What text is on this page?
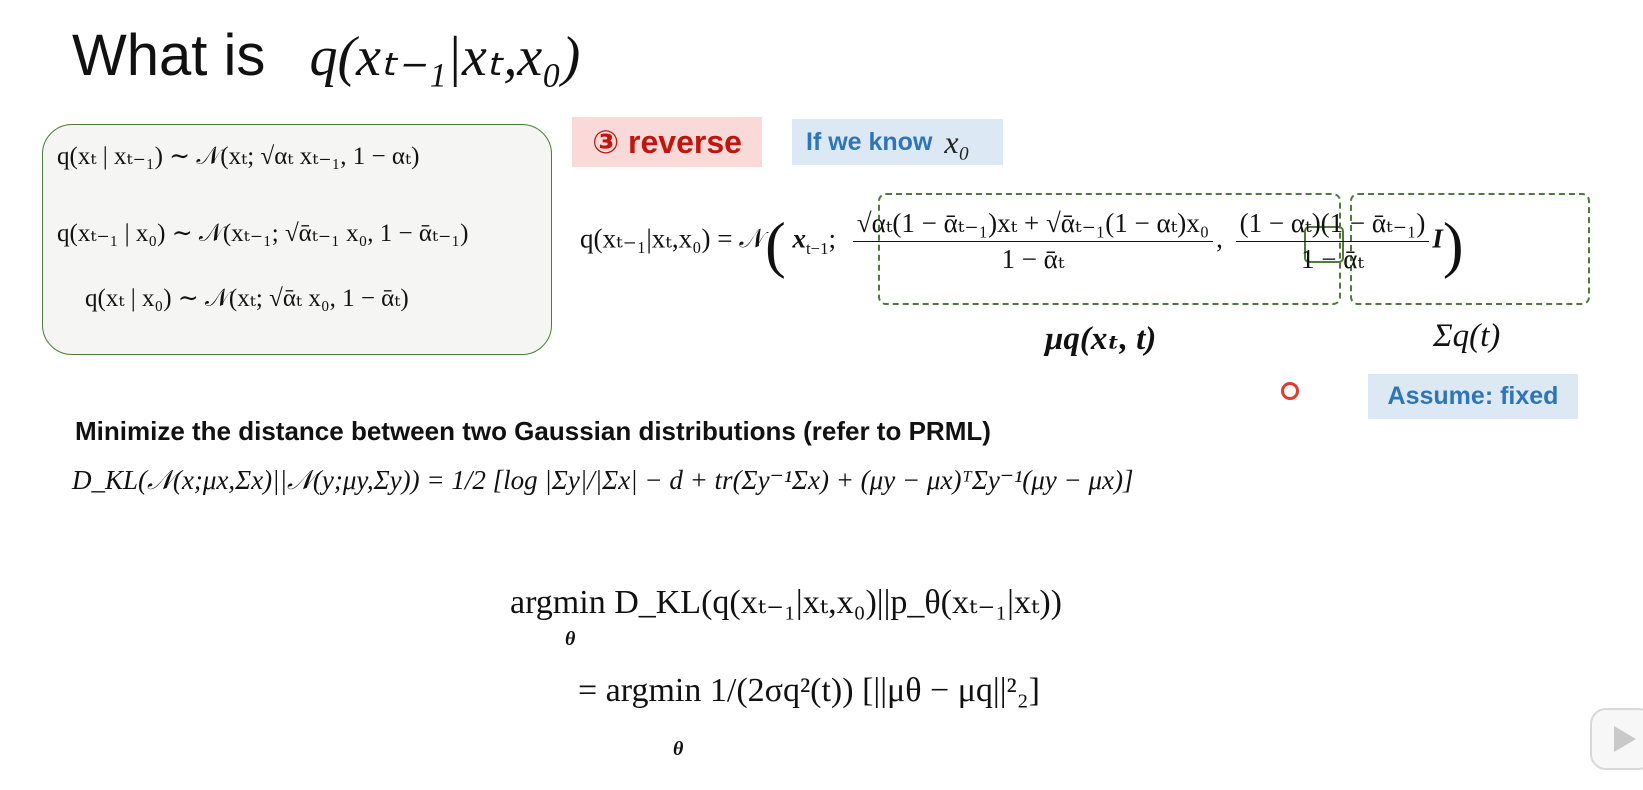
What is q(xₜ₋₁|xₜ,x₀)
q(xₜ | xₜ₋₁) ∼ 𝒩(xₜ; √αₜ xₜ₋₁, 1 − αₜ)
q(xₜ₋₁ | x₀) ∼ 𝒩(xₜ₋₁; √ᾱₜ₋₁ x₀, 1 − ᾱₜ₋₁)
q(xₜ | x₀) ∼ 𝒩(xₜ; √ᾱₜ x₀, 1 − ᾱₜ)
③ reverse	If we know x₀
q(xₜ₋₁|xₜ,x₀) = 𝒩( $x_{t-1}$; $\frac{\text{√αₜ(1 − ᾱₜ₋₁)xₜ + √ᾱₜ₋₁(1 − αₜ)x₀}}{\text{1 − ᾱₜ}}$ , $\frac{\text{(1 − αₜ)(1 − ᾱₜ₋₁)}}{\text{1 − ᾱₜ}} I$)
μq(xₜ, t)	Σq(t)
Assume: fixed
Minimize the distance between two Gaussian distributions (refer to PRML)
D_KL(𝒩(x;μx,Σx)||𝒩(y;μy,Σy)) = 1/2 [log |Σy|/|Σx| − d + tr(Σy⁻¹Σx) + (μy − μx)ᵀΣy⁻¹(μy − μx)]
argmin D_KL(q(xₜ₋₁|xₜ,x₀)||p_θ(xₜ₋₁|xₜ))
θ
= argmin 1/(2σq²(t)) [||μθ − μq||²₂]
θ
